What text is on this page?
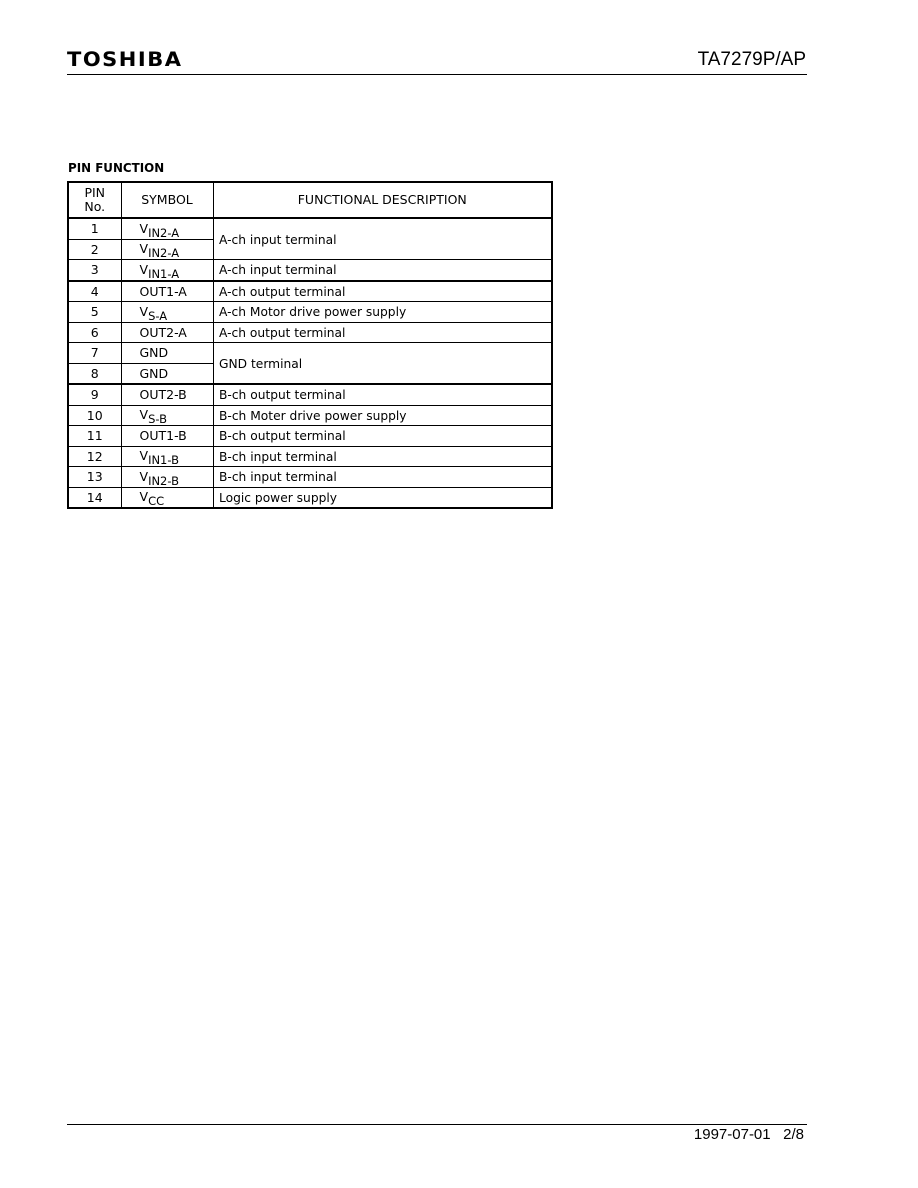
TOSHIBA	TA7279P/AP
PIN FUNCTION
PIN
No.	SYMBOL	FUNCTIONAL DESCRIPTION
1	VIN2-A	A-ch input terminal
2	VIN2-A	
3	VIN1-A	A-ch input terminal
4	OUT1-A	A-ch output terminal
5	VS-A	A-ch Motor drive power supply
6	OUT2-A	A-ch output terminal
7	GND	GND terminal
8	GND	
9	OUT2-B	B-ch output terminal
10	VS-B	B-ch Moter drive power supply
11	OUT1-B	B-ch output terminal
12	VIN1-B	B-ch input terminal
13	VIN2-B	B-ch input terminal
14	VCC	Logic power supply
1997-07-01 2/8
